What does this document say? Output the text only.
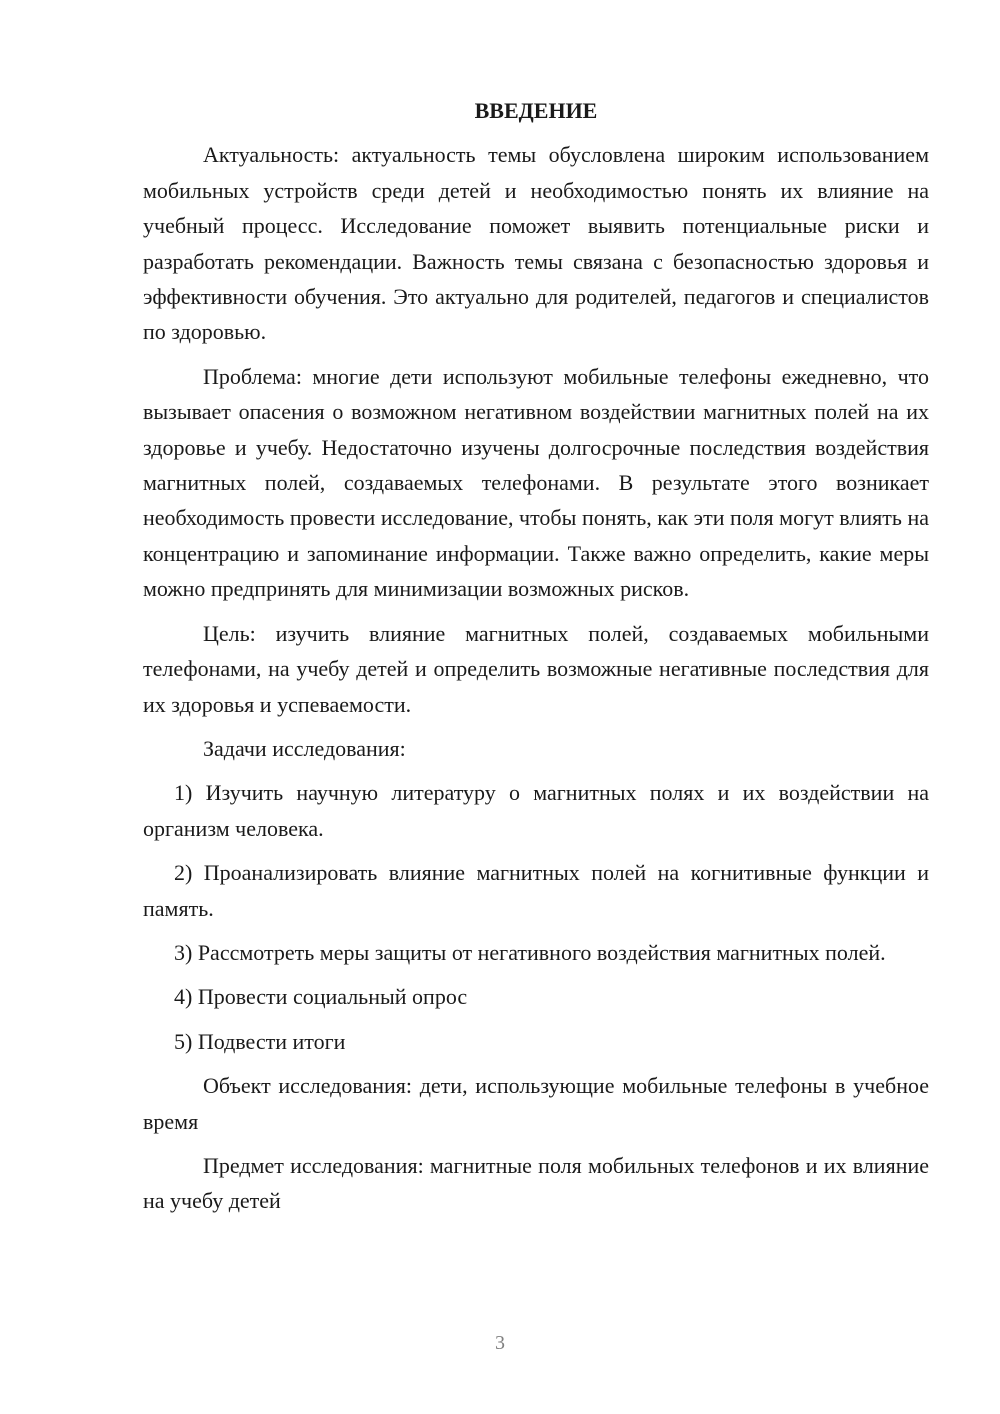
ВВЕДЕНИЕ

Актуальность: актуальность темы обусловлена широким использованием мобильных устройств среди детей и необходимостью понять их влияние на учебный процесс. Исследование поможет выявить потенциальные риски и разработать рекомендации. Важность темы связана с безопасностью здоровья и эффективности обучения. Это актуально для родителей, педагогов и специалистов по здоровью.

Проблема: многие дети используют мобильные телефоны ежедневно, что вызывает опасения о возможном негативном воздействии магнитных полей на их здоровье и учебу. Недостаточно изучены долгосрочные последствия воздействия магнитных полей, создаваемых телефонами. В результате этого возникает необходимость провести исследование, чтобы понять, как эти поля могут влиять на концентрацию и запоминание информации. Также важно определить, какие меры можно предпринять для минимизации возможных рисков.

Цель: изучить влияние магнитных полей, создаваемых мобильными телефонами, на учебу детей и определить возможные негативные последствия для их здоровья и успеваемости.

Задачи исследования:

1) Изучить научную литературу о магнитных полях и их воздействии на организм человека.

2) Проанализировать влияние магнитных полей на когнитивные функции и память.

3) Рассмотреть меры защиты от негативного воздействия магнитных полей.

4) Провести социальный опрос

5) Подвести итоги

Объект исследования: дети, использующие мобильные телефоны в учебное время

Предмет исследования: магнитные поля мобильных телефонов и их влияние на учебу детей

3
